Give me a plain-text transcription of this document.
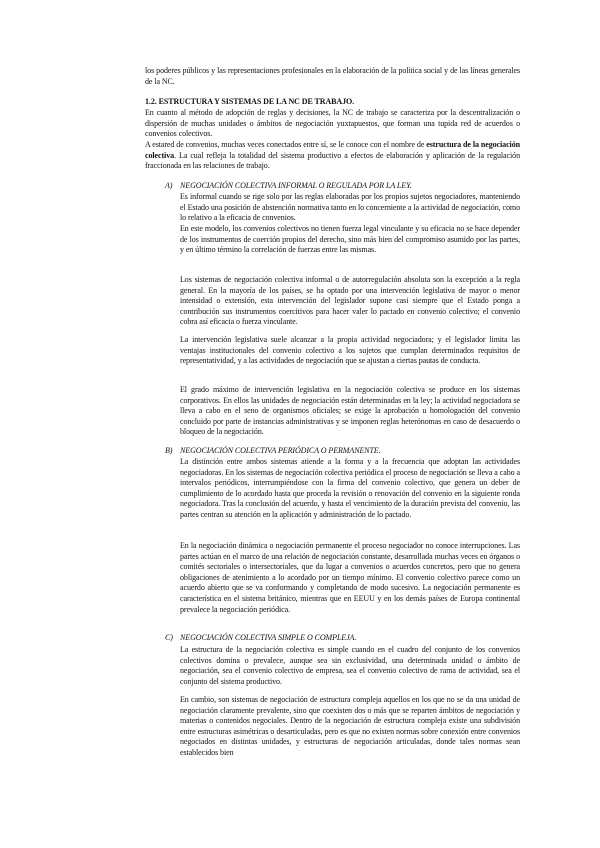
los poderes públicos y las representaciones profesionales en la elaboración de la política social y de las líneas generales de la NC.
1.2. ESTRUCTURA Y SISTEMAS DE LA NC DE TRABAJO.
En cuanto al método de adopción de reglas y decisiones, la NC de trabajo se caracteriza por la descentralización o dispersión de muchas unidades o ámbitos de negociación yuxtapuestos, que forman una tupida red de acuerdos o convenios colectivos.
A estared de convenios, muchas veces conectados entre sí, se le conoce con el nombre de estructura de la negociación colectiva. La cual refleja la totalidad del sistema productivo a efectos de elaboración y aplicación de la regulación fraccionada en las relaciones de trabajo.
A) NEGOCIACIÓN COLECTIVA INFORMAL O REGULADA POR LA LEY.
Es informal cuando se rige solo por las reglas elaboradas por los propios sujetos negociadores, manteniendo el Estado una posición de abstención normativa tanto en lo concerniente a la actividad de negociación, como lo relativo a la eficacia de convenios.
En este modelo, los convenios colectivos no tienen fuerza legal vinculante y su eficacia no se hace depender de los instrumentos de coerción propios del derecho, sino más bien del compromiso asumido por las partes, y en último término la correlación de fuerzas entre las mismas.
Los sistemas de negociación colectiva informal o de autorregulación absoluta son la excepción a la regla general. En la mayoría de los países, se ha optado por una intervención legislativa de mayor o menor intensidad o extensión, esta intervención del legislador supone casi siempre que el Estado ponga a contribución sus instrumentos coercitivos para hacer valer lo pactado en convenio colectivo; el convenio cobra así eficacia o fuerza vinculante.
La intervención legislativa suele alcanzar a la propia actividad negociadora; y el legislador limita las ventajas institucionales del convenio colectivo a los sujetos que cumplan determinados requisitos de representatividad, y a las actividades de negociación que se ajustan a ciertas pautas de conducta.
El grado máximo de intervención legislativa en la negociación colectiva se produce en los sistemas corporativos. En ellos las unidades de negociación están determinadas en la ley; la actividad negociadora se lleva a cabo en el seno de organismos oficiales; se exige la aprobación u homologación del convenio concluido por parte de instancias administrativas y se imponen reglas heterónomas en caso de desacuerdo o bloqueo de la negociación.
B) NEGOCIACIÓN COLECTIVA PERIÓDICA O PERMANENTE.
La distinción entre ambos sistemas atiende a la forma y a la frecuencia que adoptan las actividades negociadoras. En los sistemas de negociación colectiva periódica el proceso de negociación se lleva a cabo a intervalos periódicos, interrumpiéndose con la firma del convenio colectivo, que genera un deber de cumplimiento de lo acordado hasta que proceda la revisión o renovación del convenio en la siguiente ronda negociadora. Tras la conclusión del acuerdo, y hasta el vencimiento de la duración prevista del convenio, las partes centran su atención en la aplicación y administración de lo pactado.
En la negociación dinámica o negociación permanente el proceso negociador no conoce interrupciones. Las partes actúan en el marco de una relación de negociación constante, desarrollada muchas veces en órganos o comités sectoriales o intersectoriales, que da lugar a convenios o acuerdos concretos, pero que no genera obligaciones de atenimiento a lo acordado por un tiempo mínimo. El convenio colectivo parece como un acuerdo abierto que se va conformando y completando de modo sucesivo. La negociación permanente es característica en el sistema británico, mientras que en EEUU y en los demás países de Europa continental prevalece la negociación periódica.
C) NEGOCIACIÓN COLECTIVA SIMPLE O COMPLEJA.
La estructura de la negociación colectiva es simple cuando en el cuadro del conjunto de los convenios colectivos domina o prevalece, aunque sea sin exclusividad, una determinada unidad o ámbito de negociación, sea el convenio colectivo de empresa, sea el convenio colectivo de rama de actividad, sea el conjunto del sistema productivo.
En cambio, son sistemas de negociación de estructura compleja aquellos en los que no se da una unidad de negociación claramente prevalente, sino que coexisten dos o más que se reparten ámbitos de negociación y materias o contenidos negociales. Dentro de la negociación de estructura compleja existe una subdivisión entre estructuras asimétricas o desarticuladas, pero es que no existen normas sobre conexión entre convenios negociados en distintas unidades, y estructuras de negociación articuladas, donde tales normas sean establecidos bien
